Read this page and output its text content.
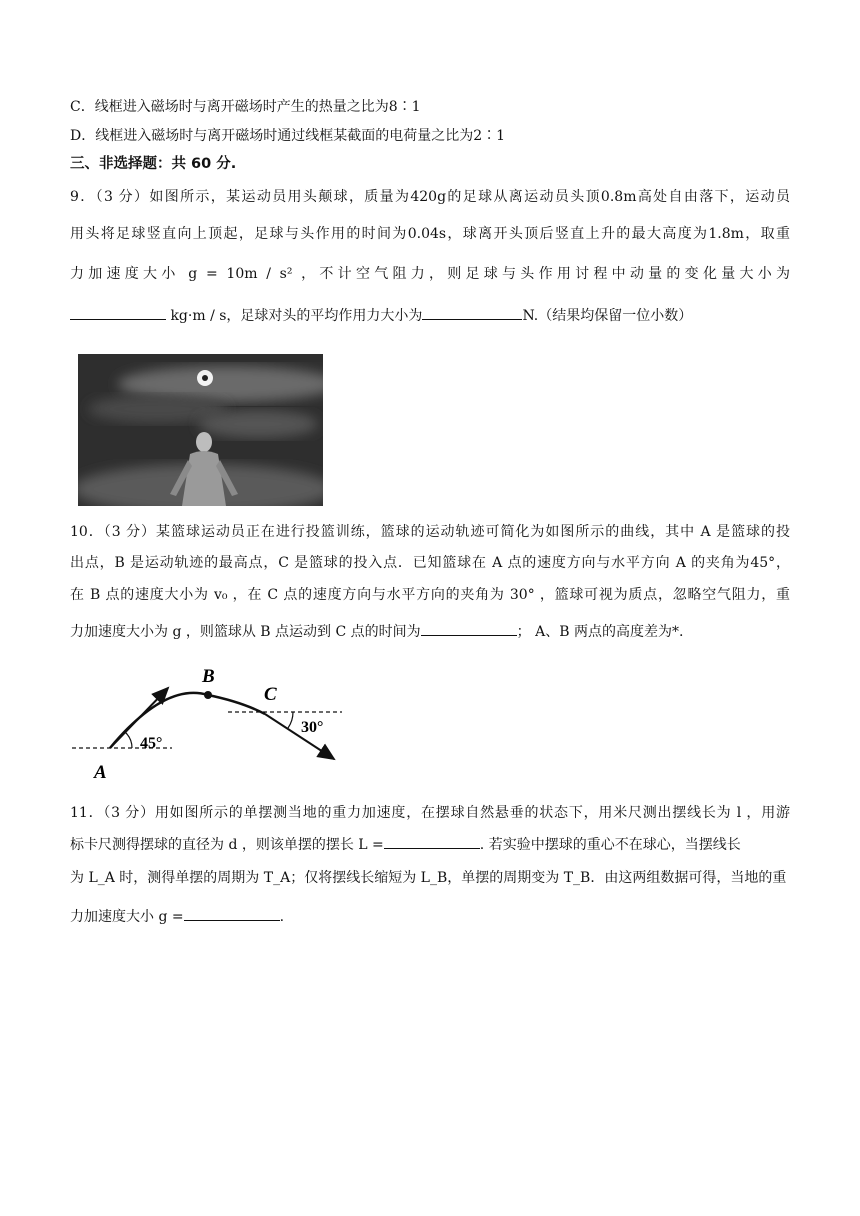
C．线框进入磁场时与离开磁场时产生的热量之比为8∶1
D．线框进入磁场时与离开磁场时通过线框某截面的电荷量之比为2∶1
三、非选择题：共 60 分.
9．（3 分）如图所示，某运动员用头颠球，质量为420g的足球从离运动员头顶0.8m高处自由落下，运动员
用头将足球竖直向上顶起，足球与头作用的时间为0.04s，球离开头顶后竖直上升的最大高度为1.8m，取重
力加速度大小 g = 10m / s² ，不计空气阻力，则足球与头作用讨程中动量的变化量大小为
kg·m / s，足球对头的平均作用力大小为	N.（结果均保留一位小数）
10．（3 分）某篮球运动员正在进行投篮训练，篮球的运动轨迹可简化为如图所示的曲线，其中 A 是篮球的投
出点，B 是运动轨迹的最高点，C 是篮球的投入点．已知篮球在 A 点的速度方向与水平方向 A 的夹角为45°，
在 B 点的速度大小为 v₀ ，在 C 点的速度方向与水平方向的夹角为 30° ，篮球可视为质点，忽略空气阻力，重
力加速度大小为 g ，则篮球从 B 点运动到 C 点的时间为	； A、B 两点的高度差为*.
45°
30°
A
B
C
11．（3 分）用如图所示的单摆测当地的重力加速度，在摆球自然悬垂的状态下，用米尺测出摆线长为 l ，用游
标卡尺测得摆球的直径为 d ，则该单摆的摆长 L =	. 若实验中摆球的重心不在球心，当摆线长
为 L_A 时，测得单摆的周期为 T_A；仅将摆线长缩短为 L_B，单摆的周期变为 T_B．由这两组数据可得，当地的重
力加速度大小 g =	.
